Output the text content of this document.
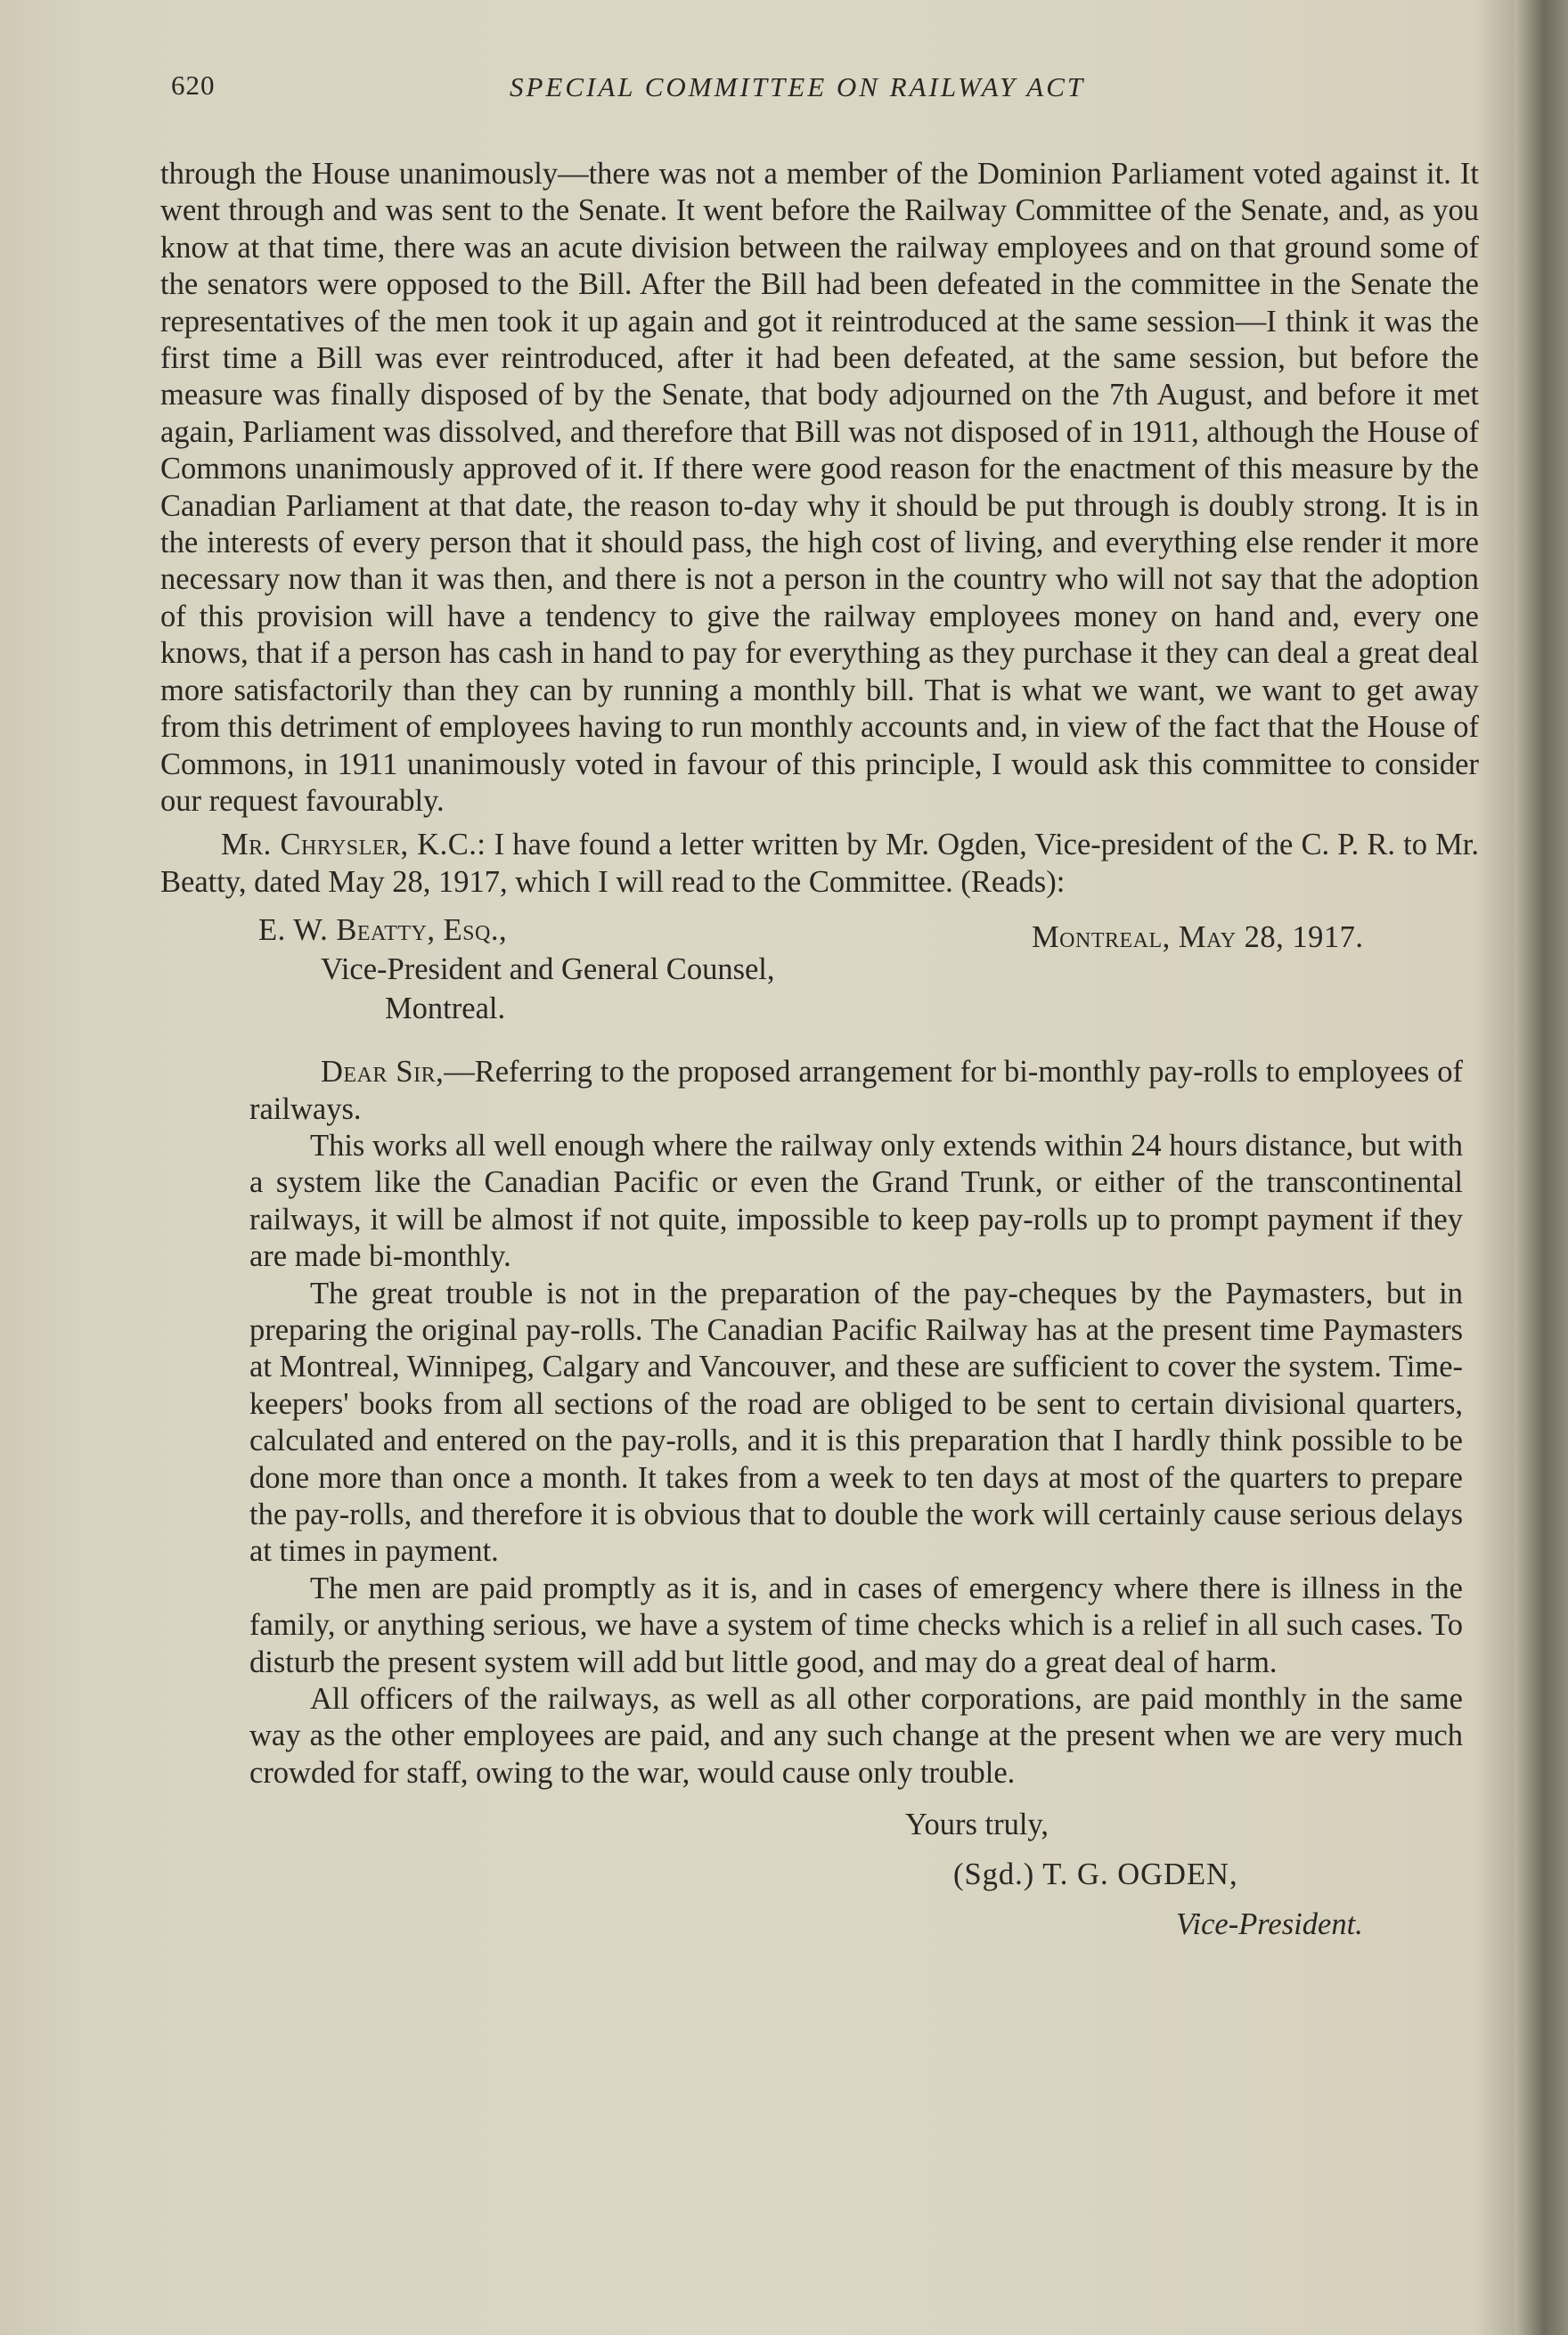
620	SPECIAL COMMITTEE ON RAILWAY ACT

through the House unanimously—there was not a member of the Dominion Parliament voted against it. It went through and was sent to the Senate. It went before the Railway Committee of the Senate, and, as you know at that time, there was an acute division between the railway employees and on that ground some of the senators were opposed to the Bill. After the Bill had been defeated in the committee in the Senate the representatives of the men took it up again and got it reintroduced at the same session—I think it was the first time a Bill was ever reintroduced, after it had been defeated, at the same session, but before the measure was finally disposed of by the Senate, that body adjourned on the 7th August, and before it met again, Parliament was dissolved, and therefore that Bill was not disposed of in 1911, although the House of Commons unanimously approved of it. If there were good reason for the enactment of this measure by the Canadian Parliament at that date, the reason to-day why it should be put through is doubly strong. It is in the interests of every person that it should pass, the high cost of living, and everything else render it more necessary now than it was then, and there is not a person in the country who will not say that the adoption of this provision will have a tendency to give the railway employees money on hand and, every one knows, that if a person has cash in hand to pay for everything as they purchase it they can deal a great deal more satisfactorily than they can by running a monthly bill. That is what we want, we want to get away from this detriment of employees having to run monthly accounts and, in view of the fact that the House of Commons, in 1911 unanimously voted in favour of this principle, I would ask this committee to consider our request favourably.

Mr. Chrysler, K.C.: I have found a letter written by Mr. Ogden, Vice-president of the C. P. R. to Mr. Beatty, dated May 28, 1917, which I will read to the Committee. (Reads):

E. W. Beatty, Esq.,
Vice-President and General Counsel,
Montreal.
Montreal, May 28, 1917.

Dear Sir,—Referring to the proposed arrangement for bi-monthly pay-rolls to employees of railways.

This works all well enough where the railway only extends within 24 hours distance, but with a system like the Canadian Pacific or even the Grand Trunk, or either of the transcontinental railways, it will be almost if not quite, impossible to keep pay-rolls up to prompt payment if they are made bi-monthly.

The great trouble is not in the preparation of the pay-cheques by the Paymasters, but in preparing the original pay-rolls. The Canadian Pacific Railway has at the present time Paymasters at Montreal, Winnipeg, Calgary and Vancouver, and these are sufficient to cover the system. Time-keepers' books from all sections of the road are obliged to be sent to certain divisional quarters, calculated and entered on the pay-rolls, and it is this preparation that I hardly think possible to be done more than once a month. It takes from a week to ten days at most of the quarters to prepare the pay-rolls, and therefore it is obvious that to double the work will certainly cause serious delays at times in payment.

The men are paid promptly as it is, and in cases of emergency where there is illness in the family, or anything serious, we have a system of time checks which is a relief in all such cases. To disturb the present system will add but little good, and may do a great deal of harm.

All officers of the railways, as well as all other corporations, are paid monthly in the same way as the other employees are paid, and any such change at the present when we are very much crowded for staff, owing to the war, would cause only trouble.

Yours truly,
(Sgd.) T. G. OGDEN,
Vice-President.
